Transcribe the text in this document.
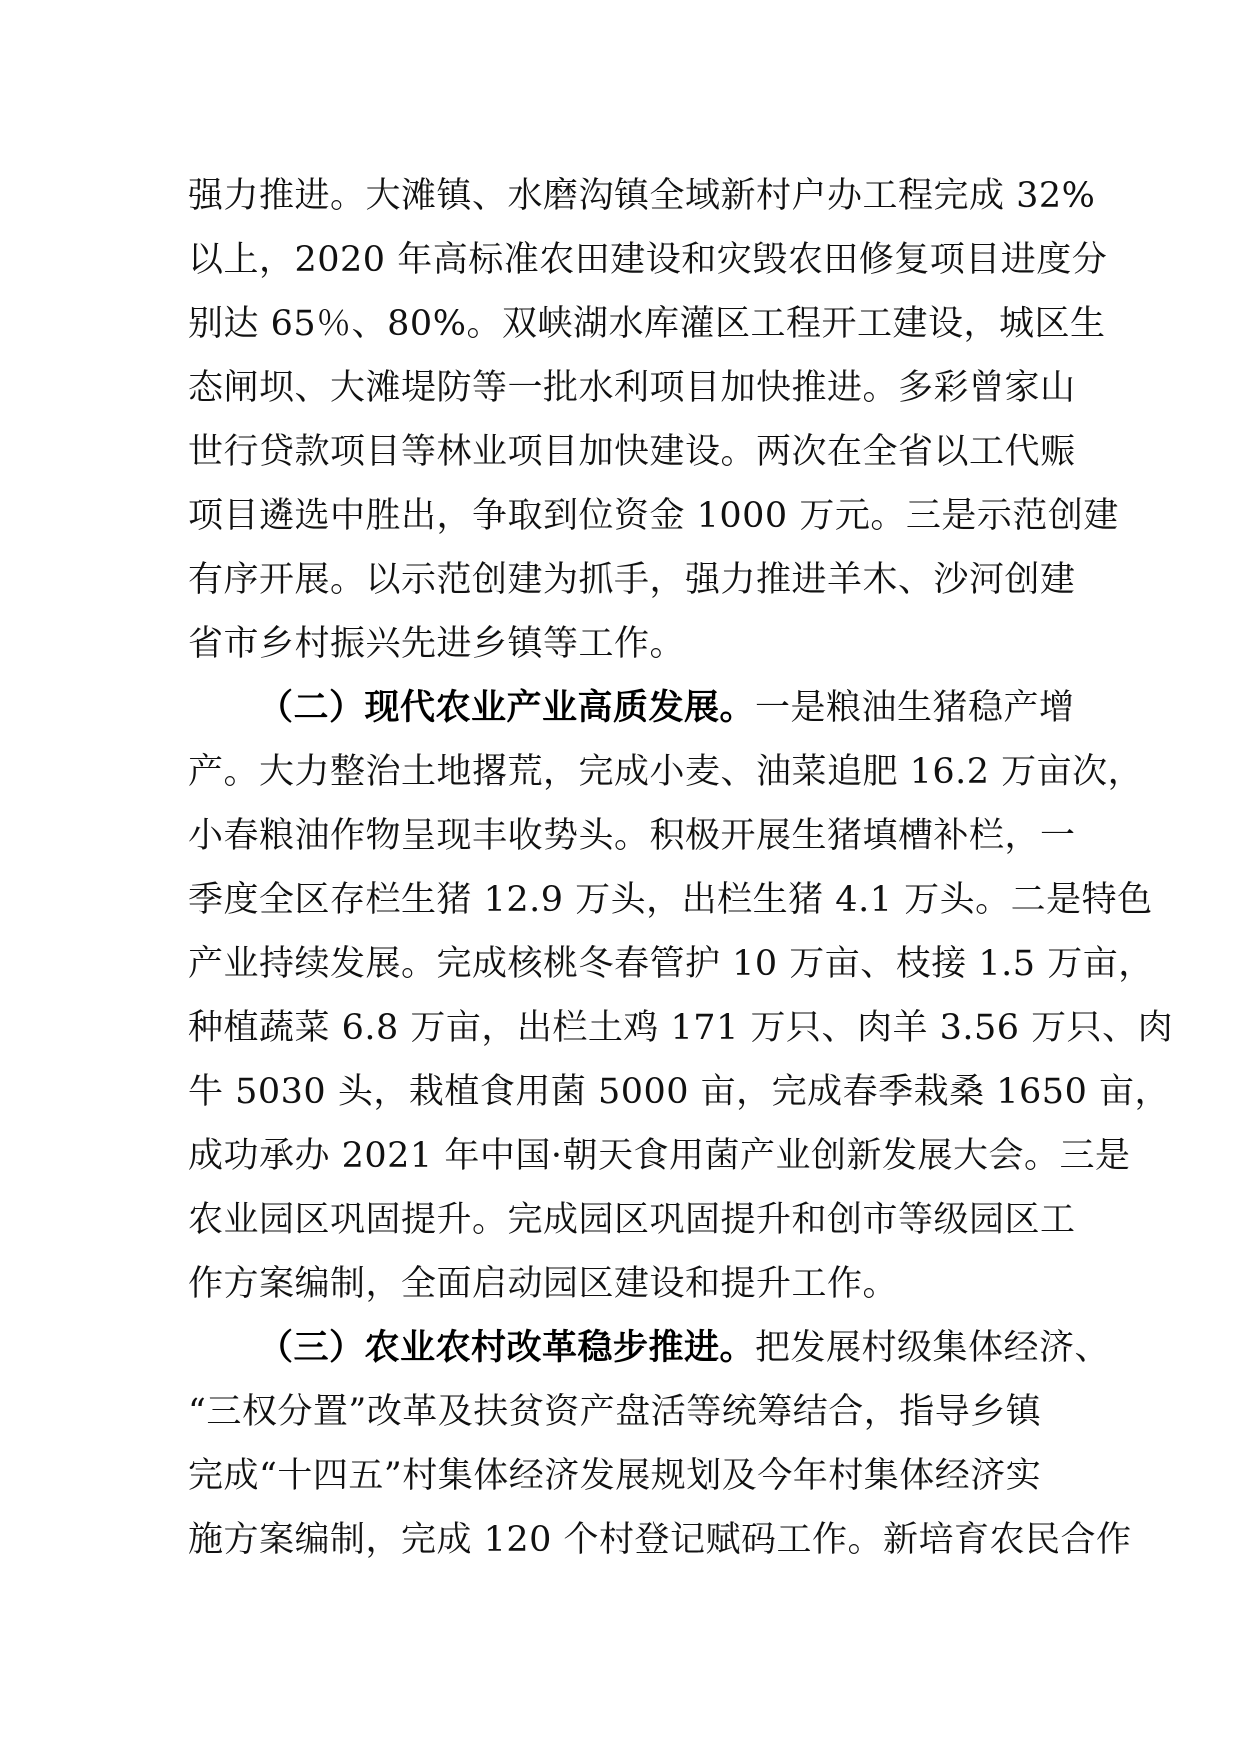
强力推进。大滩镇、水磨沟镇全域新村户办工程完成 32%
以上，2020 年高标准农田建设和灾毁农田修复项目进度分
别达 65％、80%。双峡湖水库灌区工程开工建设，城区生
态闸坝、大滩堤防等一批水利项目加快推进。多彩曾家山
世行贷款项目等林业项目加快建设。两次在全省以工代赈
项目遴选中胜出，争取到位资金 1000 万元。三是示范创建
有序开展。以示范创建为抓手，强力推进羊木、沙河创建
省市乡村振兴先进乡镇等工作。
（二）现代农业产业高质发展。一是粮油生猪稳产增
产。大力整治土地撂荒，完成小麦、油菜追肥 16.2 万亩次，
小春粮油作物呈现丰收势头。积极开展生猪填槽补栏，一
季度全区存栏生猪 12.9 万头，出栏生猪 4.1 万头。二是特色
产业持续发展。完成核桃冬春管护 10 万亩、枝接 1.5 万亩，
种植蔬菜 6.8 万亩，出栏土鸡 171 万只、肉羊 3.56 万只、肉
牛 5030 头，栽植食用菌 5000 亩，完成春季栽桑 1650 亩，
成功承办 2021 年中国·朝天食用菌产业创新发展大会。三是
农业园区巩固提升。完成园区巩固提升和创市等级园区工
作方案编制，全面启动园区建设和提升工作。
（三）农业农村改革稳步推进。把发展村级集体经济、
“三权分置”改革及扶贫资产盘活等统筹结合，指导乡镇
完成“十四五”村集体经济发展规划及今年村集体经济实
施方案编制，完成 120 个村登记赋码工作。新培育农民合作
